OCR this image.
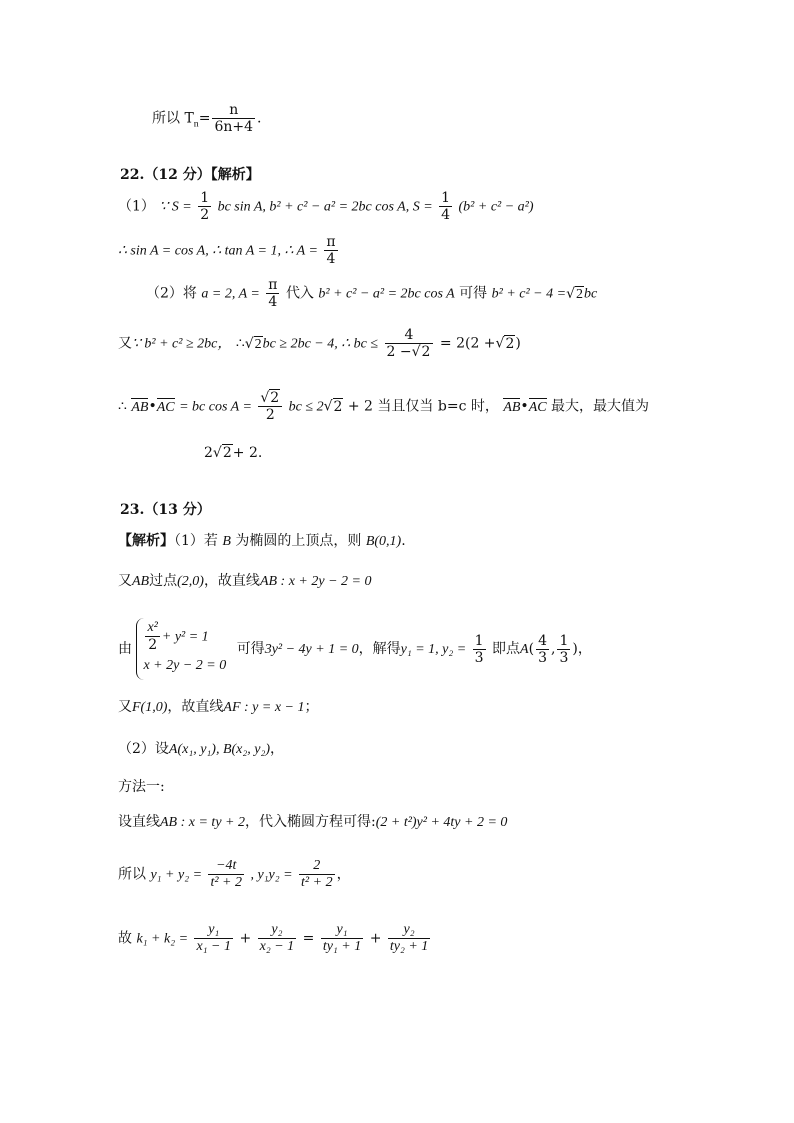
所以 $T_n= \frac{n}{6n+4}$ .
22.（12 分）【解析】
（1） ∵ $S = \frac{1}{2}$ bc sin A, b² + c² − a² = 2bc cos A, $S = \frac{1}{4} (b^2 + c^2 - a^2)$
∴ sin A = cos A, ∴ tan A = 1, ∴ $A = \frac{\pi}{4}$
（2）将 a = 2, $A = \frac{\pi}{4}$ 代入 b² + c² − a² = 2bc cos A 可得 b² + c² − 4 =√2bc
又∵ b² + c² ≥ 2bc， ∴√2bc ≥ 2bc − 4, ∴ bc ≤ $\frac{4}{2 -√2} = 2(2 +√2)$
∴ AB•AC = bc $\cos A = \frac{√2}{2}$ bc ≤ 2√2 + 2 当且仅当 b=c 时， AB•AC 最大，最大值为
2√2+ 2.
23.（13 分）
【解析】（1）若 B 为椭圆的上顶点，则 B(0,1).
又AB过点(2,0)，故直线AB : x + 2y − 2 = 0
由 $\frac{\text{x²}}{2} + y^2 = 1$
x + 2y − 2 = 0
可得3y² − 4y + 1 = 0，解得y₁ = 1, $y_2 = \frac{1}{3}$ 即点$A( \frac{4}{3}$ , $\frac{1}{3}$ )，
又F(1,0)，故直线AF : y = x − 1；
（2）设A(x₁, y₁), B(x₂, y₂)，
方法一:
设直线AB : x = ty + 2，代入椭圆方程可得:(2 + t²)y² + 4ty + 2 = 0
所以 $y_1 + y_2 = \frac{-4t}{\text{t² + 2}}$ , $y_1y_2 = \frac{2}{\text{t² + 2}}$ ，
故 $k_1 + k_2 = \frac{\text{y₁}}{\text{x₁ − 1}} + \frac{\text{y₂}}{\text{x₂ − 1}} = \frac{\text{y₁}}{\text{ty₁ + 1}} + \frac{\text{y₂}}{\text{ty₂ + 1}}$
